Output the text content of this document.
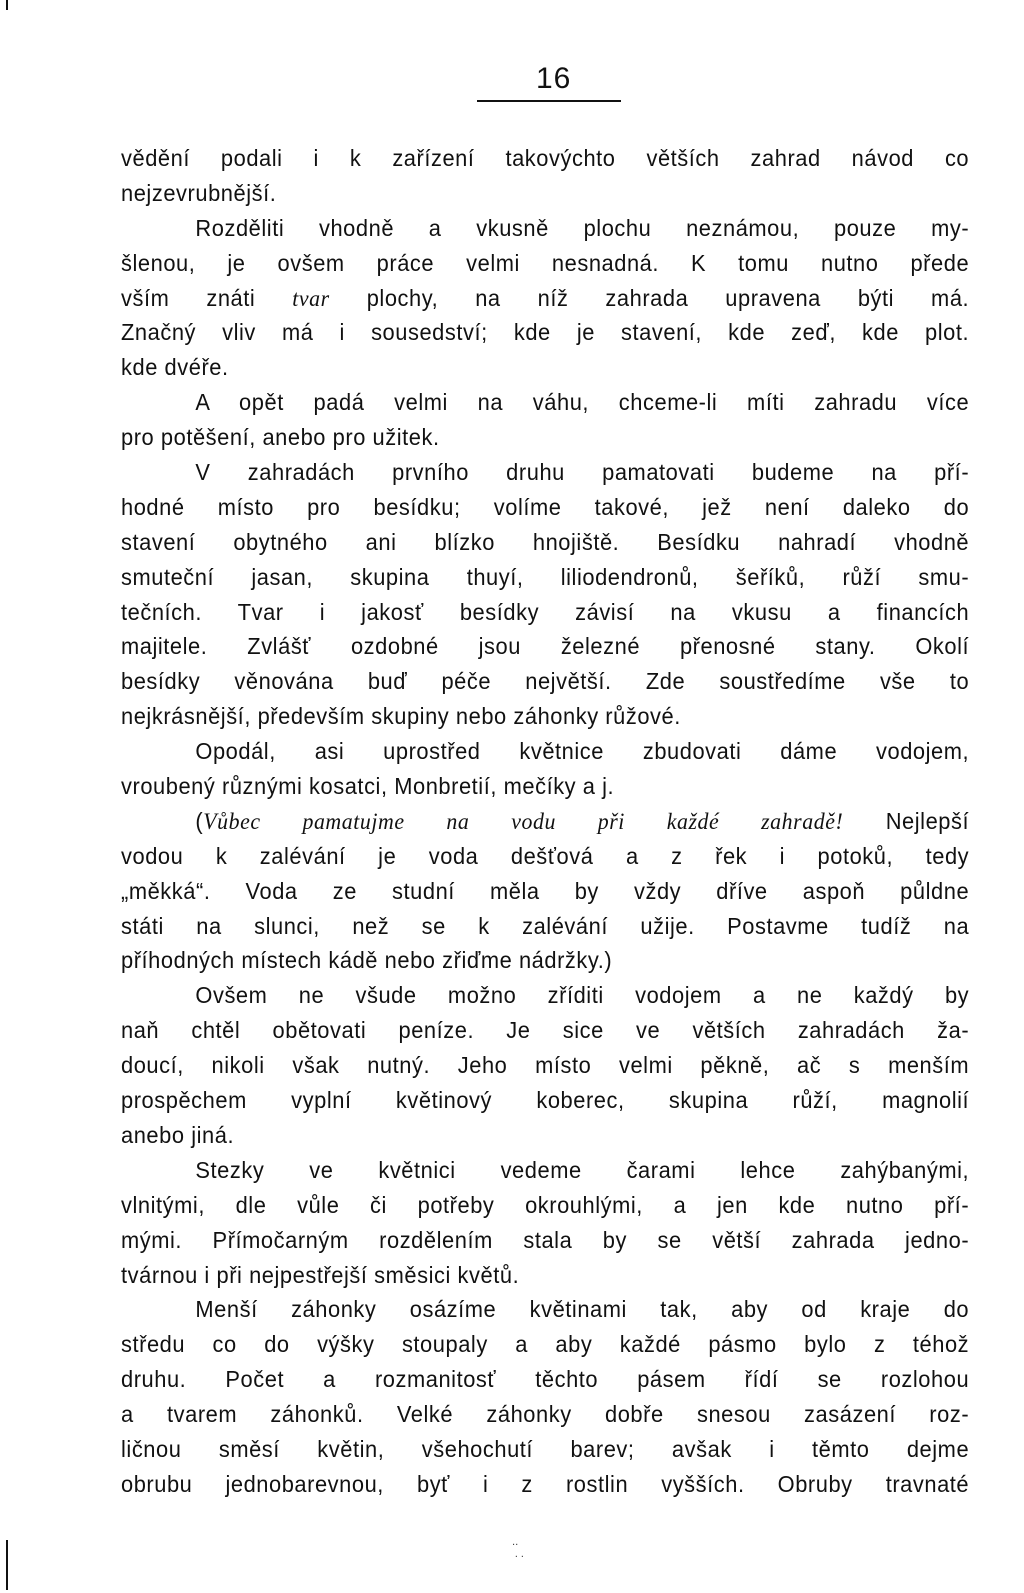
16
vědění podali i k zařízení takovýchto větších zahrad návod co
nejzevrubnější.
Rozděliti vhodně a vkusně plochu neznámou, pouze my-
šlenou, je ovšem práce velmi nesnadná. K tomu nutno přede
vším znáti tvar plochy, na níž zahrada upravena býti má.
Značný vliv má i sousedství; kde je stavení, kde zeď, kde plot.
kde dvéře.
A opět padá velmi na váhu, chceme-li míti zahradu více
pro potěšení, anebo pro užitek.
V zahradách prvního druhu pamatovati budeme na pří-
hodné místo pro besídku; volíme takové, jež není daleko do
stavení obytného ani blízko hnojiště. Besídku nahradí vhodně
smuteční jasan, skupina thuyí, liliodendronů, šeříků, růží smu-
tečních. Tvar i jakosť besídky závisí na vkusu a financích
majitele. Zvlášť ozdobné jsou železné přenosné stany. Okolí
besídky věnována buď péče největší. Zde soustředíme vše to
nejkrásnější, především skupiny nebo záhonky růžové.
Opodál, asi uprostřed květnice zbudovati dáme vodojem,
vroubený různými kosatci, Monbretií, mečíky a j.
(Vůbec pamatujme na vodu při každé zahradě! Nejlepší
vodou k zalévání je voda dešťová a z řek i potoků, tedy
„měkká“. Voda ze studní měla by vždy dříve aspoň půldne
státi na slunci, než se k zalévání užije. Postavme tudíž na
příhodných místech kádě nebo zřiďme nádržky.)
Ovšem ne všude možno zříditi vodojem a ne každý by
naň chtěl obětovati peníze. Je sice ve větších zahradách ža-
doucí, nikoli však nutný. Jeho místo velmi pěkně, ač s menším
prospěchem vyplní květinový koberec, skupina růží, magnolií
anebo jiná.
Stezky ve květnici vedeme čarami lehce zahýbanými,
vlnitými, dle vůle či potřeby okrouhlými, a jen kde nutno pří-
mými. Přímočarným rozdělením stala by se větší zahrada jedno-
tvárnou i při nejpestřejší směsici květů.
Menší záhonky osázíme květinami tak, aby od kraje do
středu co do výšky stoupaly a aby každé pásmo bylo z téhož
druhu. Počet a rozmanitosť těchto pásem řídí se rozlohou
a tvarem záhonků. Velké záhonky dobře snesou zasázení roz-
ličnou směsí květin, všehochutí barev; avšak i těmto dejme
obrubu jednobarevnou, byť i z rostlin vyšších. Obruby travnaté
‧‧
‧ ‧
